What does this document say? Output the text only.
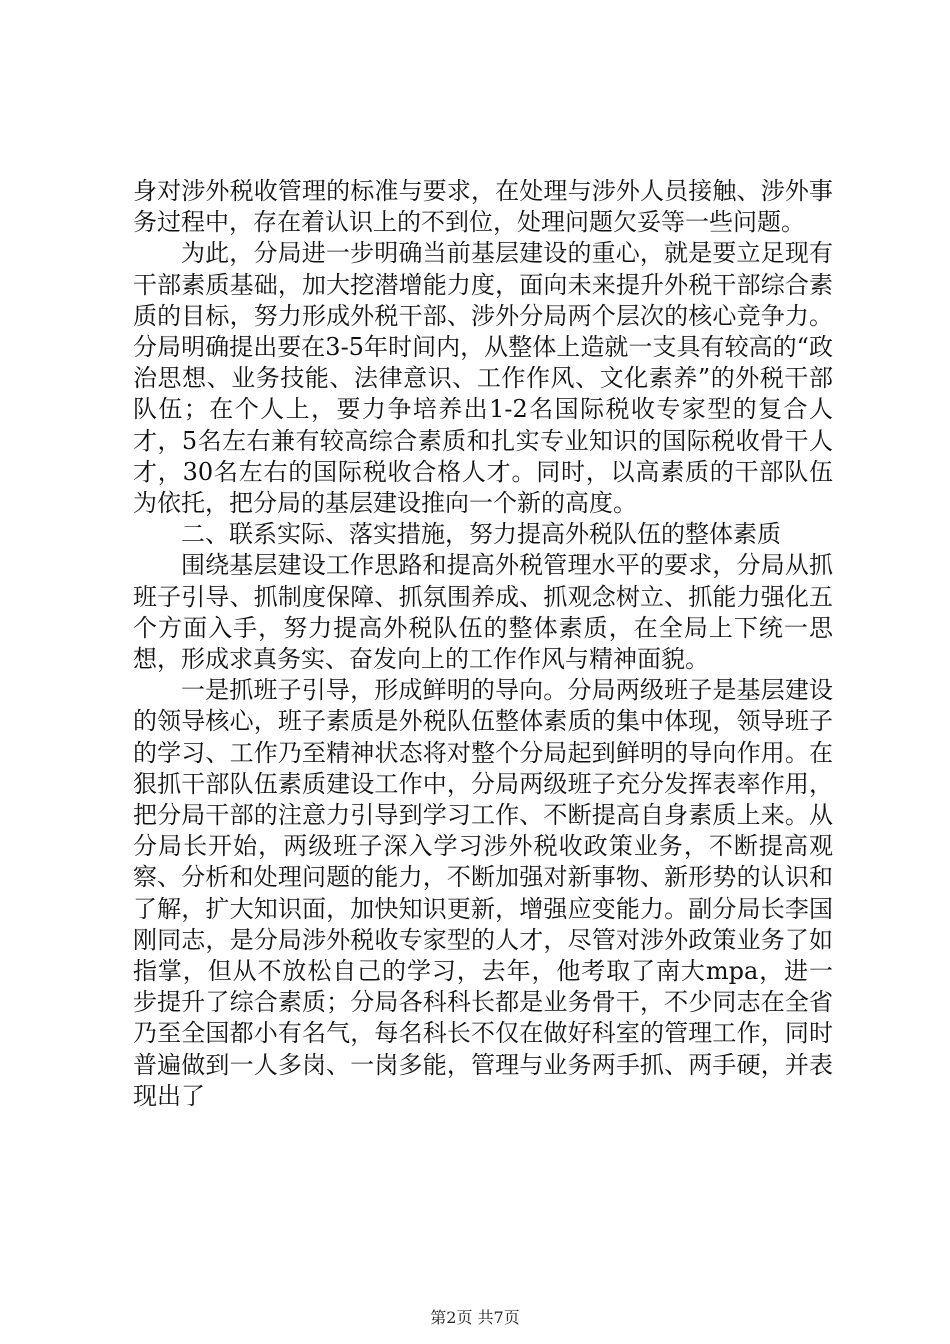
身对涉外税收管理的标准与要求，在处理与涉外人员接触、涉外事务过程中，存在着认识上的不到位，处理问题欠妥等一些问题。

为此，分局进一步明确当前基层建设的重心，就是要立足现有干部素质基础，加大挖潜增能力度，面向未来提升外税干部综合素质的目标，努力形成外税干部、涉外分局两个层次的核心竞争力。分局明确提出要在3-5年时间内，从整体上造就一支具有较高的“政治思想、业务技能、法律意识、工作作风、文化素养”的外税干部队伍；在个人上，要力争培养出1-2名国际税收专家型的复合人才，5名左右兼有较高综合素质和扎实专业知识的国际税收骨干人才，30名左右的国际税收合格人才。同时，以高素质的干部队伍为依托，把分局的基层建设推向一个新的高度。

二、联系实际、落实措施，努力提高外税队伍的整体素质

围绕基层建设工作思路和提高外税管理水平的要求，分局从抓班子引导、抓制度保障、抓氛围养成、抓观念树立、抓能力强化五个方面入手，努力提高外税队伍的整体素质，在全局上下统一思想，形成求真务实、奋发向上的工作作风与精神面貌。

一是抓班子引导，形成鲜明的导向。分局两级班子是基层建设的领导核心，班子素质是外税队伍整体素质的集中体现，领导班子的学习、工作乃至精神状态将对整个分局起到鲜明的导向作用。在狠抓干部队伍素质建设工作中，分局两级班子充分发挥表率作用，把分局干部的注意力引导到学习工作、不断提高自身素质上来。从分局长开始，两级班子深入学习涉外税收政策业务，不断提高观察、分析和处理问题的能力，不断加强对新事物、新形势的认识和了解，扩大知识面，加快知识更新，增强应变能力。副分局长李国刚同志，是分局涉外税收专家型的人才，尽管对涉外政策业务了如指掌，但从不放松自己的学习，去年，他考取了南大mpa，进一步提升了综合素质；分局各科科长都是业务骨干，不少同志在全省乃至全国都小有名气，每名科长不仅在做好科室的管理工作，同时普遍做到一人多岗、一岗多能，管理与业务两手抓、两手硬，并表现出了

第2页 共7页
